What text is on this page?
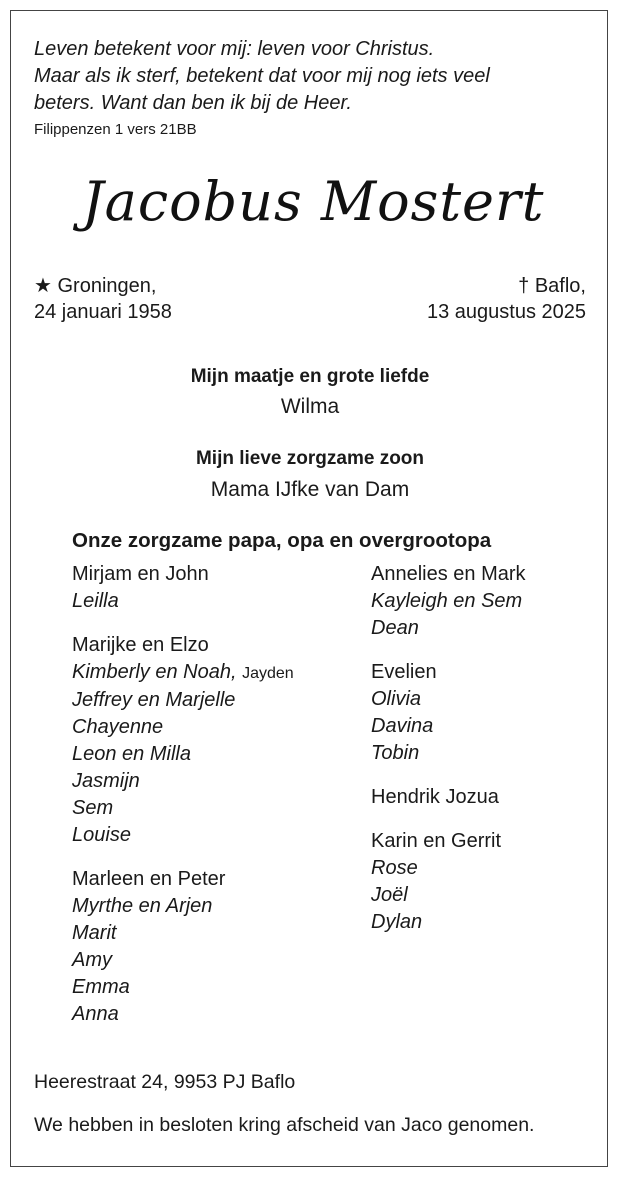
Leven betekent voor mij: leven voor Christus.
Maar als ik sterf, betekent dat voor mij nog iets veel
beters. Want dan ben ik bij de Heer.
Filippenzen 1 vers 21BB
Jacobus Mostert
★ Groningen,
24 januari 1958
† Baflo,
13 augustus 2025
Mijn maatje en grote liefde
Wilma
Mijn lieve zorgzame zoon
Mama IJfke van Dam
Onze zorgzame papa, opa en overgrootopa

Mirjam en John

Leilla

Marijke en Elzo

Kimberly en Noah, Jayden

Jeffrey en Marjelle

Chayenne

Leon en Milla

Jasmijn

Sem

Louise

Marleen en Peter

Myrthe en Arjen

Marit

Amy

Emma

Anna

Annelies en Mark

Kayleigh en Sem

Dean

Evelien

Olivia

Davina

Tobin

Hendrik Jozua

Karin en Gerrit

Rose

Joël

Dylan

Heerestraat 24, 9953 PJ Baflo
We hebben in besloten kring afscheid van Jaco genomen.
